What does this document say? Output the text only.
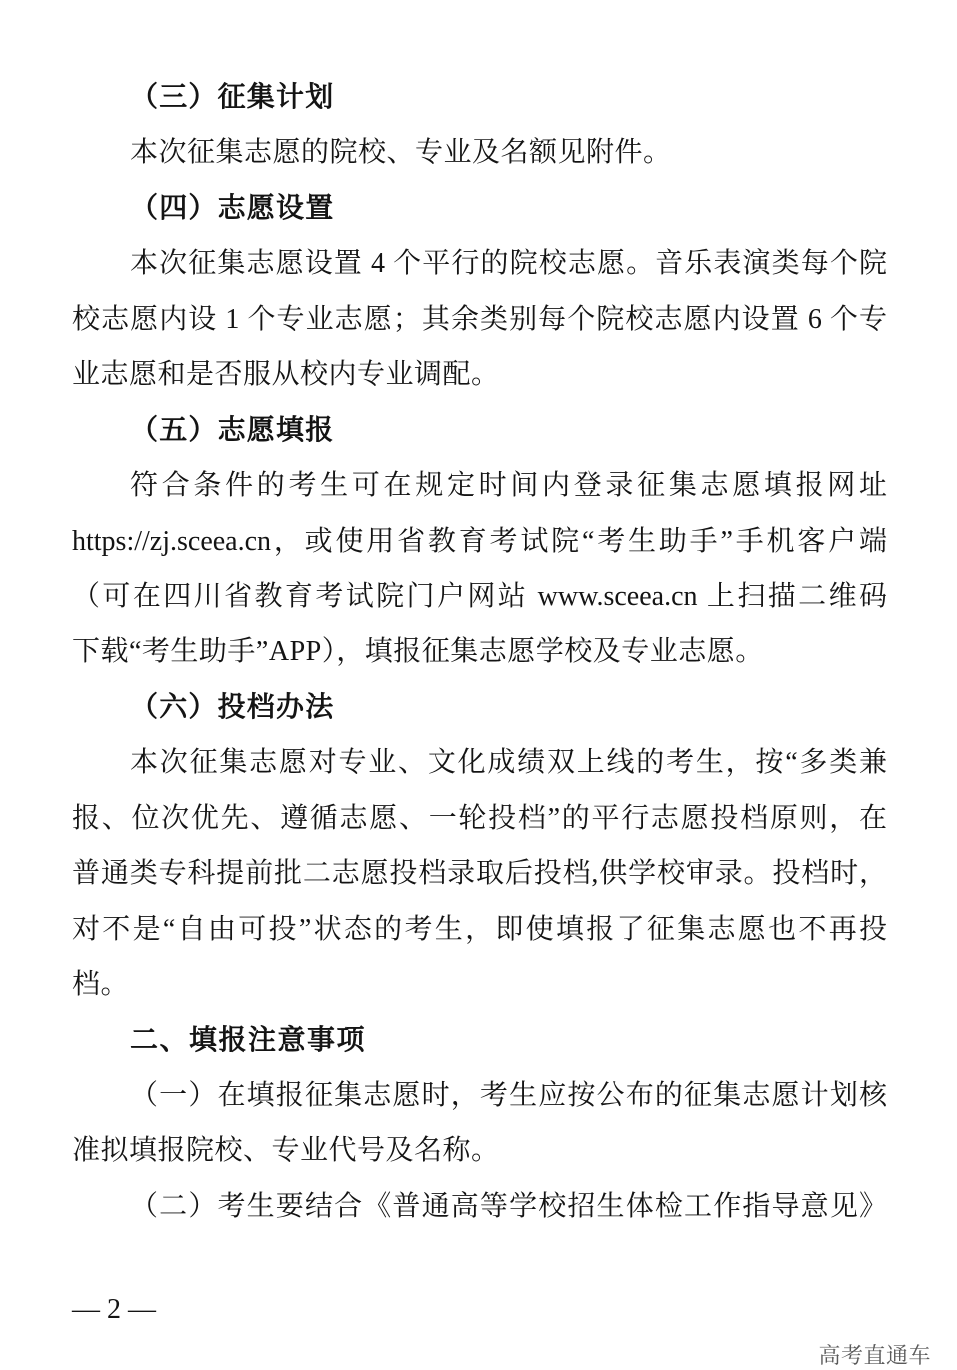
（三）征集计划
本次征集志愿的院校、专业及名额见附件。
（四）志愿设置
本次征集志愿设置 4 个平行的院校志愿。音乐表演类每个院
校志愿内设 1 个专业志愿；其余类别每个院校志愿内设置 6 个专
业志愿和是否服从校内专业调配。
（五）志愿填报
符合条件的考生可在规定时间内登录征集志愿填报网址
https://zj.sceea.cn，或使用省教育考试院“考生助手”手机客户端
（可在四川省教育考试院门户网站 www.sceea.cn 上扫描二维码
下载“考生助手”APP），填报征集志愿学校及专业志愿。
（六）投档办法
本次征集志愿对专业、文化成绩双上线的考生，按“多类兼
报、位次优先、遵循志愿、一轮投档”的平行志愿投档原则，在
普通类专科提前批二志愿投档录取后投档,供学校审录。投档时，
对不是“自由可投”状态的考生，即使填报了征集志愿也不再投
档。
二、填报注意事项
（一）在填报征集志愿时，考生应按公布的征集志愿计划核
准拟填报院校、专业代号及名称。
（二）考生要结合《普通高等学校招生体检工作指导意见》
— 2 —
高考直通车
